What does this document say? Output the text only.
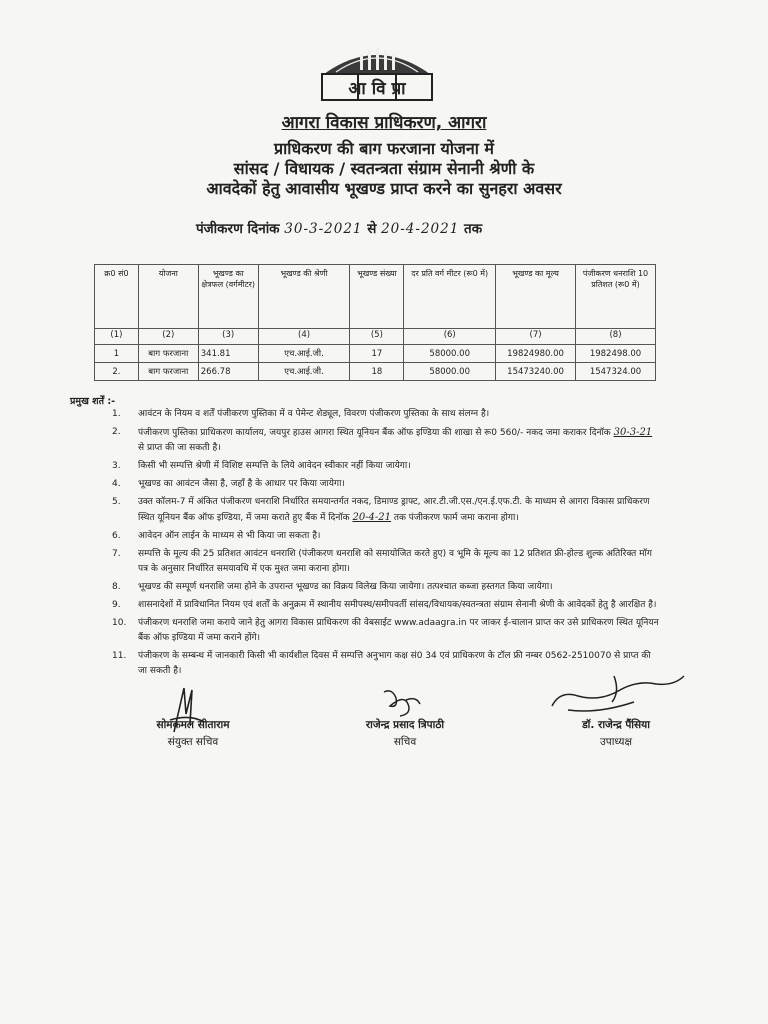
आ वि प्रा
आगरा विकास प्राधिकरण, आगरा
प्राधिकरण की बाग फरजाना योजना में
सांसद / विधायक / स्वतन्त्रता संग्राम सेनानी श्रेणी के
आवदेकों हेतु आवासीय भूखण्ड प्राप्त करने का सुनहरा अवसर
पंजीकरण दिनांक 30-3-2021 से 20-4-2021 तक
क्र0 सं0	योजना	भूखण्ड का क्षेत्रफल (वर्गमीटर)	भूखण्ड की श्रेणी	भूखण्ड संख्या	दर प्रति वर्ग मीटर (रू0 में)	भूखण्ड का मूल्य	पंजीकरण धनराशि 10 प्रतिशत (रू0 में)
(1)	(2)	(3)	(4)	(5)	(6)	(7)	(8)
1	बाग फरजाना	341.81	एच.आई.जी.	17	58000.00	19824980.00	1982498.00
2.	बाग फरजाना	266.78	एच.आई.जी.	18	58000.00	15473240.00	1547324.00
प्रमुख शर्तें :-
1.	आवंटन के नियम व शर्तें पंजीकरण पुस्तिका में व पेमेन्ट शेड्यूल, विवरण पंजीकरण पुस्तिका के साथ संलग्न है।
2.	पंजीकरण पुस्तिका प्राधिकरण कार्यालय, जयपुर हाउस आगरा स्थित यूनियन बैंक ऑफ इण्डिया की शाखा से रू0 560/- नकद जमा कराकर दिनॉक 30-3-21 से प्राप्त की जा सकती है।
3.	किसी भी सम्पत्ति श्रेणी में विशिष्ट सम्पत्ति के लिये आवेदन स्वीकार नहीं किया जायेगा।
4.	भूखण्ड का आवंटन जैसा है, जहाँ है के आधार पर किया जायेगा।
5.	उक्त कॉलम-7 में अंकित पंजीकरण धनराशि निर्धारित समयान्तर्गत नकद, डिमाण्ड ड्राफ्ट, आर.टी.जी.एस./एन.ई.एफ.टी. के माध्यम से आगरा विकास प्राधिकरण स्थित यूनियन बैंक ऑफ इण्डिया, में जमा कराते हुए बैंक में दिनॉक 20-4-21 तक पंजीकरण फार्म जमा कराना होगा।
6.	आवेदन ऑन लाईन के माध्यम से भी किया जा सकता है।
7.	सम्पत्ति के मूल्य की 25 प्रतिशत आवंटन धनराशि (पंजीकरण धनराशि को समायोजित करते हुए) व भूमि के मूल्य का 12 प्रतिशत फ्री-होल्ड शुल्क अतिरिक्त मॉग पत्र के अनुसार निर्धारित समयावधि में एक मुश्त जमा कराना होगा।
8.	भूखण्ड की सम्पूर्ण धनराशि जमा होने के उपरान्त भूखण्ड का विक्रय विलेख किया जायेगा। तत्पश्चात कब्जा हस्तगत किया जायेगा।
9.	शासनादेशों में प्राविधानित नियम एवं शर्तों के अनुक्रम में स्थानीय समीपस्थ/समीपवर्ती सांसद/विधायक/स्वतन्त्रता संग्राम सेनानी श्रेणी के आवेदकों हेतु है आरक्षित है।
10.	पंजीकरण धनराशि जमा कराये जाने हेतु आगरा विकास प्राधिकरण की वेबसाईट www.adaagra.in पर जाकर ई-चालान प्राप्त कर उसे प्राधिकरण स्थित यूनियन बैंक ऑफ इण्डिया में जमा कराने होंगे।
11.	पंजीकरण के सम्बन्ध में जानकारी किसी भी कार्यशील दिवस में सम्पत्ति अनुभाग कक्ष सं0 34 एवं प्राधिकरण के टॉल फ्री नम्बर 0562-2510070 से प्राप्त की जा सकती है।
सोमकमल सीताराम
संयुक्त सचिव
राजेन्द्र प्रसाद त्रिपाठी
सचिव
डॉ. राजेन्द्र पैंसिया
उपाध्यक्ष
